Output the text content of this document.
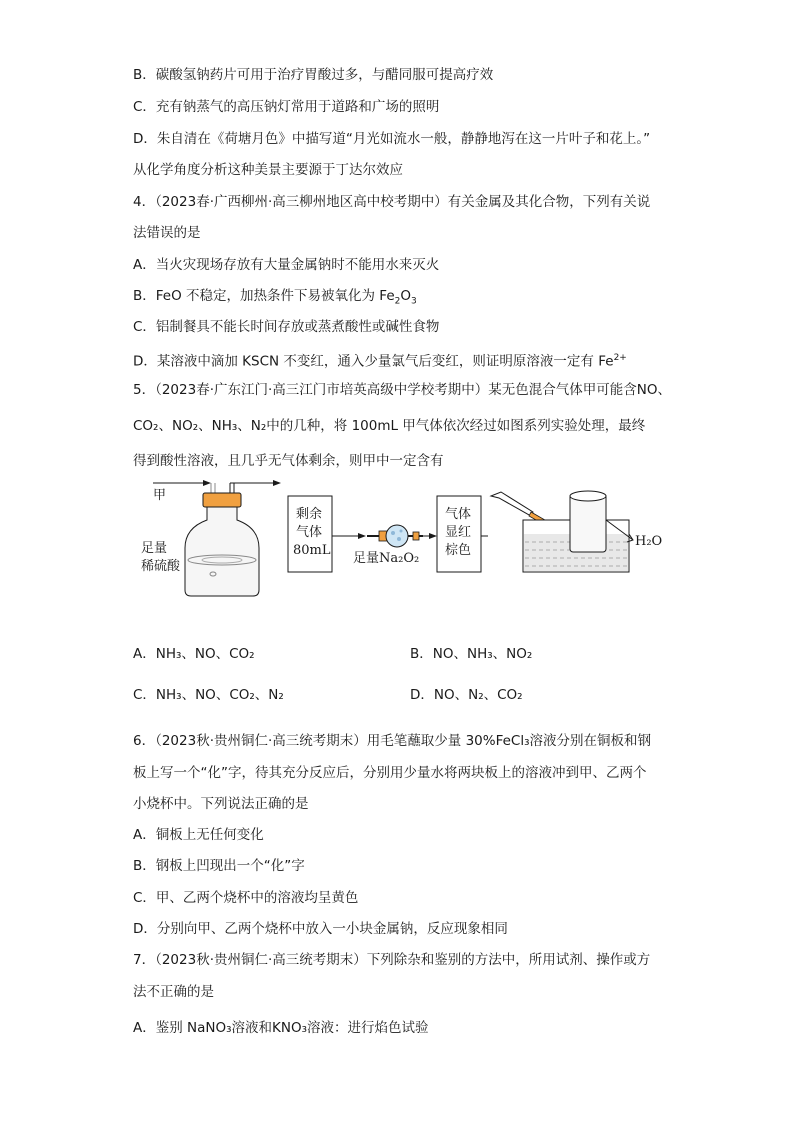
B．碳酸氢钠药片可用于治疗胃酸过多，与醋同服可提高疗效
C．充有钠蒸气的高压钠灯常用于道路和广场的照明
D．朱自清在《荷塘月色》中描写道“月光如流水一般，静静地泻在这一片叶子和花上。”
从化学角度分析这种美景主要源于丁达尔效应
4．（2023春·广西柳州·高三柳州地区高中校考期中）有关金属及其化合物，下列有关说
法错误的是
A．当火灾现场存放有大量金属钠时不能用水来灭火
B．FeO 不稳定，加热条件下易被氧化为 $Fe_2O_3$
C．铝制餐具不能长时间存放或蒸煮酸性或碱性食物
D．某溶液中滴加 KSCN 不变红，通入少量氯气后变红，则证明原溶液一定有 $Fe^{2+}$
5．（2023春·广东江门·高三江门市培英高级中学校考期中）某无色混合气体甲可能含NO、
CO₂、NO₂、NH₃、N₂中的几种，将 100mL 甲气体依次经过如图系列实验处理，最终
得到酸性溶液，且几乎无气体剩余，则甲中一定含有
甲
足量
稀硫酸
剩余
气体
80mL
足量Na₂O₂
气体
显红
棕色
H₂O
A．NH₃、NO、CO₂	B．NO、NH₃、NO₂
C．NH₃、NO、CO₂、N₂	D．NO、N₂、CO₂
6．（2023秋·贵州铜仁·高三统考期末）用毛笔蘸取少量 30%FeCl₃溶液分别在铜板和钢
板上写一个“化”字，待其充分反应后，分别用少量水将两块板上的溶液冲到甲、乙两个
小烧杯中。下列说法正确的是
A．铜板上无任何变化
B．钢板上凹现出一个“化”字
C．甲、乙两个烧杯中的溶液均呈黄色
D．分别向甲、乙两个烧杯中放入一小块金属钠，反应现象相同
7．（2023秋·贵州铜仁·高三统考期末）下列除杂和鉴别的方法中，所用试剂、操作或方
法不正确的是
A．鉴别 NaNO₃溶液和KNO₃溶液：进行焰色试验
